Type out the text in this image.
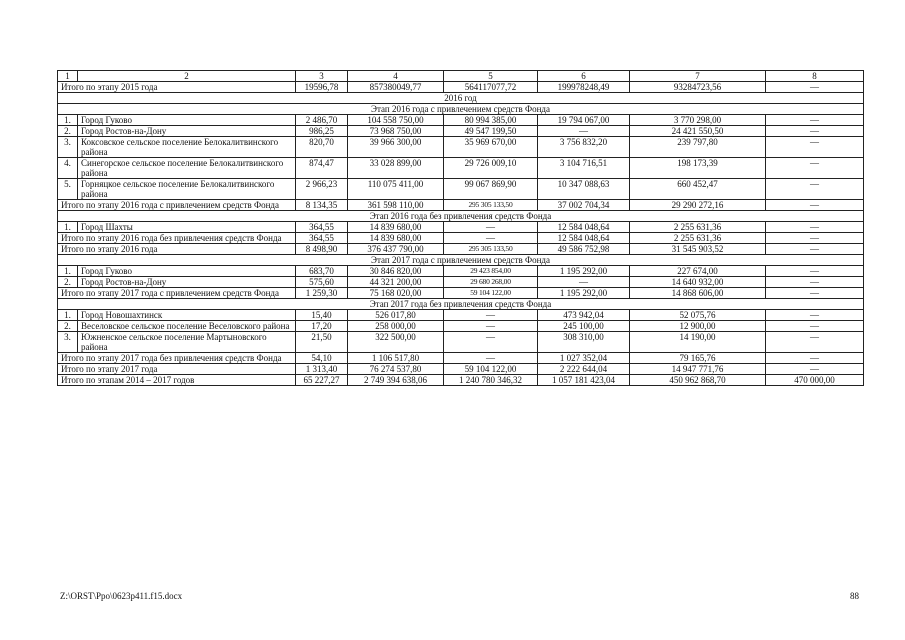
1	2	3	4	5	6	7	8
Итого по этапу 2015 года		19596,78	857380049,77	564117077,72	199978248,49	93284723,56	—
2016 год							
Этап 2016 года с привлечением средств Фонда							
1.	Город Гуково	2 486,70	104 558 750,00	80 994 385,00	19 794 067,00	3 770 298,00	—
2.	Город Ростов-на-Дону	986,25	73 968 750,00	49 547 199,50	—	24 421 550,50	—
3.	Коксовское сельское поселение Белокалитвинского района	820,70	39 966 300,00	35 969 670,00	3 756 832,20	239 797,80	—
4.	Синегорское сельское поселение Белокалитвинского района	874,47	33 028 899,00	29 726 009,10	3 104 716,51	198 173,39	—
5.	Горняцкое сельское поселение Белокалитвинского района	2 966,23	110 075 411,00	99 067 869,90	10 347 088,63	660 452,47	—
Итого по этапу 2016 года с привлечением средств Фонда		8 134,35	361 598 110,00	295 305 133,50	37 002 704,34	29 290 272,16	—
Этап 2016 года без привлечения средств Фонда							
1.	Город Шахты	364,55	14 839 680,00	—	12 584 048,64	2 255 631,36	—
Итого по этапу 2016 года без привлечения средств Фонда		364,55	14 839 680,00	—	12 584 048,64	2 255 631,36	—
Итого по этапу 2016 года		8 498,90	376 437 790,00	295 305 133,50	49 586 752,98	31 545 903,52	—
Этап 2017 года с привлечением средств Фонда							
1.	Город Гуково	683,70	30 846 820,00	29 423 854,00	1 195 292,00	227 674,00	—
2.	Город Ростов-на-Дону	575,60	44 321 200,00	29 680 268,00	—	14 640 932,00	—
Итого по этапу 2017 года с привлечением средств Фонда		1 259,30	75 168 020,00	59 104 122,00	1 195 292,00	14 868 606,00	—
Этап 2017 года без привлечения средств Фонда							
1.	Город Новошахтинск	15,40	526 017,80	—	473 942,04	52 075,76	—
2.	Веселовское сельское поселение Веселовского района	17,20	258 000,00	—	245 100,00	12 900,00	—
3.	Южненское сельское поселение Мартыновского района	21,50	322 500,00	—	308 310,00	14 190,00	—
Итого по этапу 2017 года без привлечения средств Фонда		54,10	1 106 517,80	—	1 027 352,04	79 165,76	—
Итого по этапу 2017 года		1 313,40	76 274 537,80	59 104 122,00	2 222 644,04	14 947 771,76	—
Итого по этапам 2014 – 2017 годов		65 227,27	2 749 394 638,06	1 240 780 346,32	1 057 181 423,04	450 962 868,70	470 000,00
Z:\ORST\Ppo\0623p411.f15.docx	88
